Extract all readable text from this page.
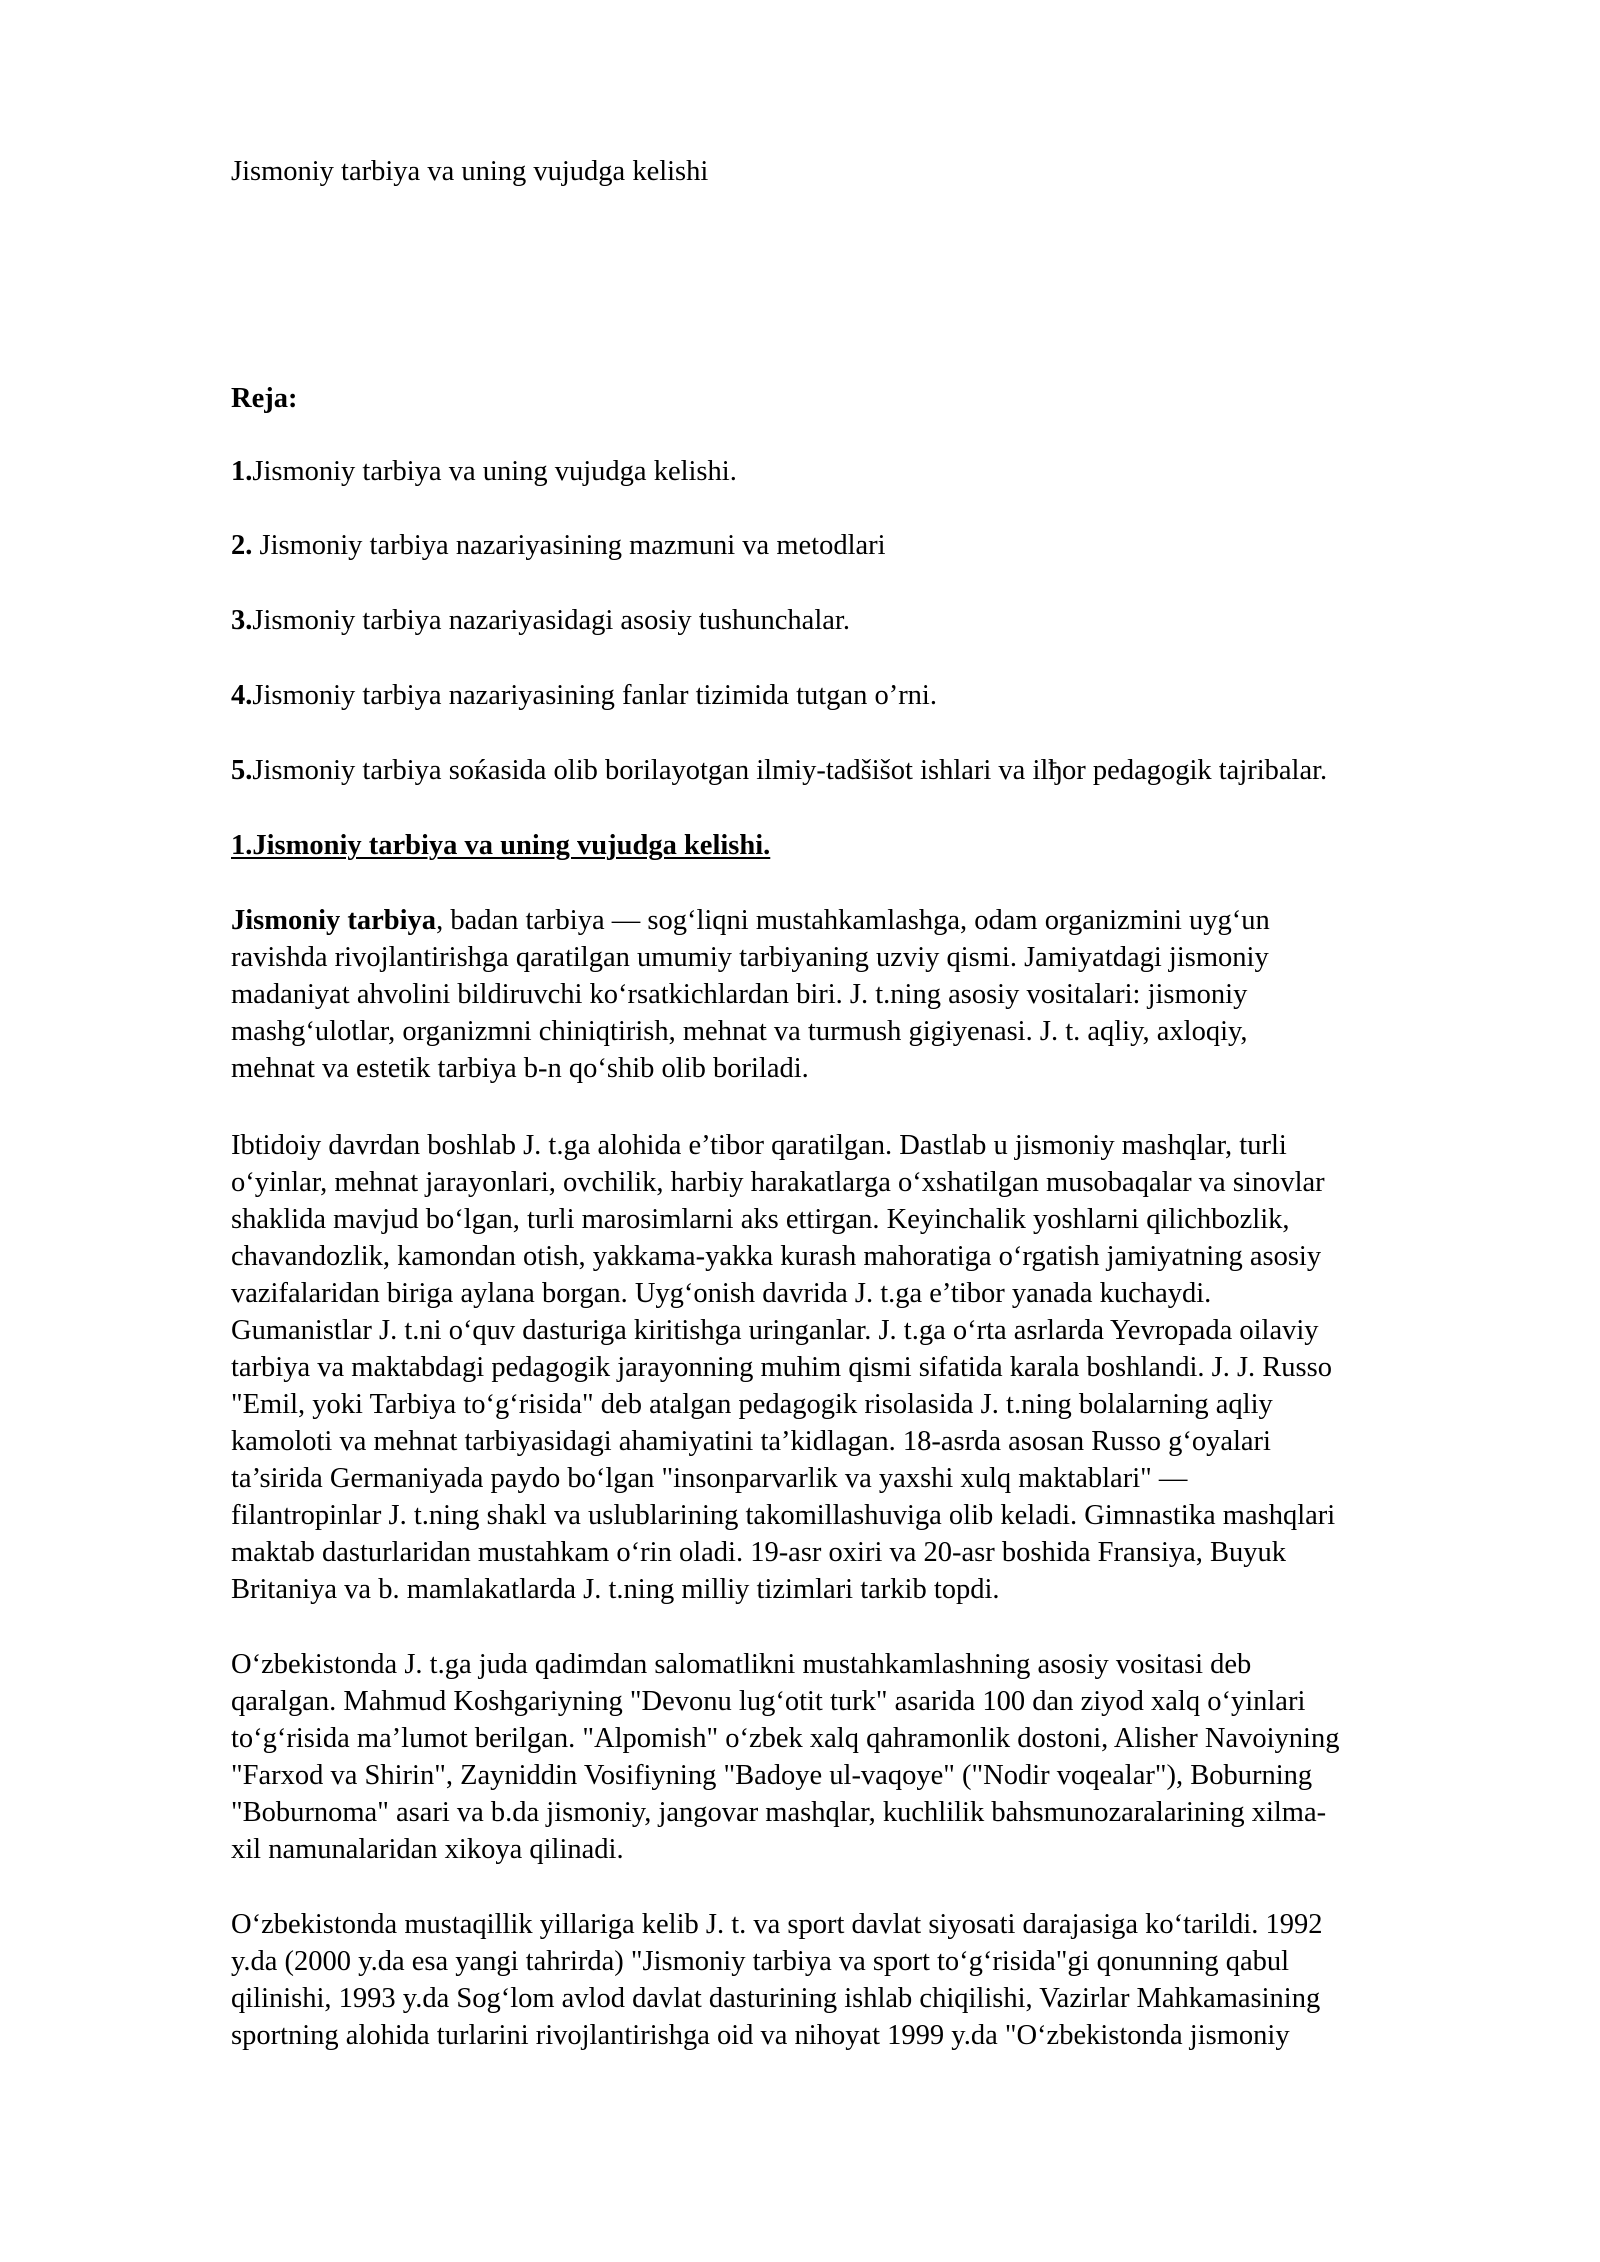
Jismoniy tarbiya va uning vujudga kelishi
Reja:
1.Jismoniy tarbiya va uning vujudga kelishi.
2. Jismoniy tarbiya nazariyasining mazmuni va metodlari
3.Jismoniy tarbiya nazariyasidagi asosiy tushunchalar.
4.Jismoniy tarbiya nazariyasining fanlar tizimida tutgan o’rni.
5.Jismoniy tarbiya soќasida olib borilayotgan ilmiy-tadšišot ishlari va ilђor pedagogik tajribalar.
1.Jismoniy tarbiya va uning vujudga kelishi.
Jismoniy tarbiya, badan tarbiya — sog‘liqni mustahkamlashga, odam organizmini uyg‘un
ravishda rivojlantirishga qaratilgan umumiy tarbiyaning uzviy qismi. Jamiyatdagi jismoniy
madaniyat ahvolini bildiruvchi ko‘rsatkichlardan biri. J. t.ning asosiy vositalari: jismoniy
mashg‘ulotlar, organizmni chiniqtirish, mehnat va turmush gigiyenasi. J. t. aqliy, axloqiy,
mehnat va estetik tarbiya b-n qo‘shib olib boriladi.
Ibtidoiy davrdan boshlab J. t.ga alohida e’tibor qaratilgan. Dastlab u jismoniy mashqlar, turli
o‘yinlar, mehnat jarayonlari, ovchilik, harbiy harakatlarga o‘xshatilgan musobaqalar va sinovlar
shaklida mavjud bo‘lgan, turli marosimlarni aks ettirgan. Keyinchalik yoshlarni qilichbozlik,
chavandozlik, kamondan otish, yakkama-yakka kurash mahoratiga o‘rgatish jamiyatning asosiy
vazifalaridan biriga aylana borgan. Uyg‘onish davrida J. t.ga e’tibor yanada kuchaydi.
Gumanistlar J. t.ni o‘quv dasturiga kiritishga uringanlar. J. t.ga o‘rta asrlarda Yevropada oilaviy
tarbiya va maktabdagi pedagogik jarayonning muhim qismi sifatida karala boshlandi. J. J. Russo
"Emil, yoki Tarbiya to‘g‘risida" deb atalgan pedagogik risolasida J. t.ning bolalarning aqliy
kamoloti va mehnat tarbiyasidagi ahamiyatini ta’kidlagan. 18-asrda asosan Russo g‘oyalari
ta’sirida Germaniyada paydo bo‘lgan "insonparvarlik va yaxshi xulq maktablari" —
filantropinlar J. t.ning shakl va uslublarining takomillashuviga olib keladi. Gimnastika mashqlari
maktab dasturlaridan mustahkam o‘rin oladi. 19-asr oxiri va 20-asr boshida Fransiya, Buyuk
Britaniya va b. mamlakatlarda J. t.ning milliy tizimlari tarkib topdi.
O‘zbekistonda J. t.ga juda qadimdan salomatlikni mustahkamlashning asosiy vositasi deb
qaralgan. Mahmud Koshgariyning "Devonu lug‘otit turk" asarida 100 dan ziyod xalq o‘yinlari
to‘g‘risida ma’lumot berilgan. "Alpomish" o‘zbek xalq qahramonlik dostoni, Alisher Navoiyning
"Farxod va Shirin", Zayniddin Vosifiyning "Badoye ul-vaqoye" ("Nodir voqealar"), Boburning
"Boburnoma" asari va b.da jismoniy, jangovar mashqlar, kuchlilik bahsmunozaralarining xilma-
xil namunalaridan xikoya qilinadi.
O‘zbekistonda mustaqillik yillariga kelib J. t. va sport davlat siyosati darajasiga ko‘tarildi. 1992
y.da (2000 y.da esa yangi tahrirda) "Jismoniy tarbiya va sport to‘g‘risida"gi qonunning qabul
qilinishi, 1993 y.da Sog‘lom avlod davlat dasturining ishlab chiqilishi, Vazirlar Mahkamasining
sportning alohida turlarini rivojlantirishga oid va nihoyat 1999 y.da "O‘zbekistonda jismoniy
